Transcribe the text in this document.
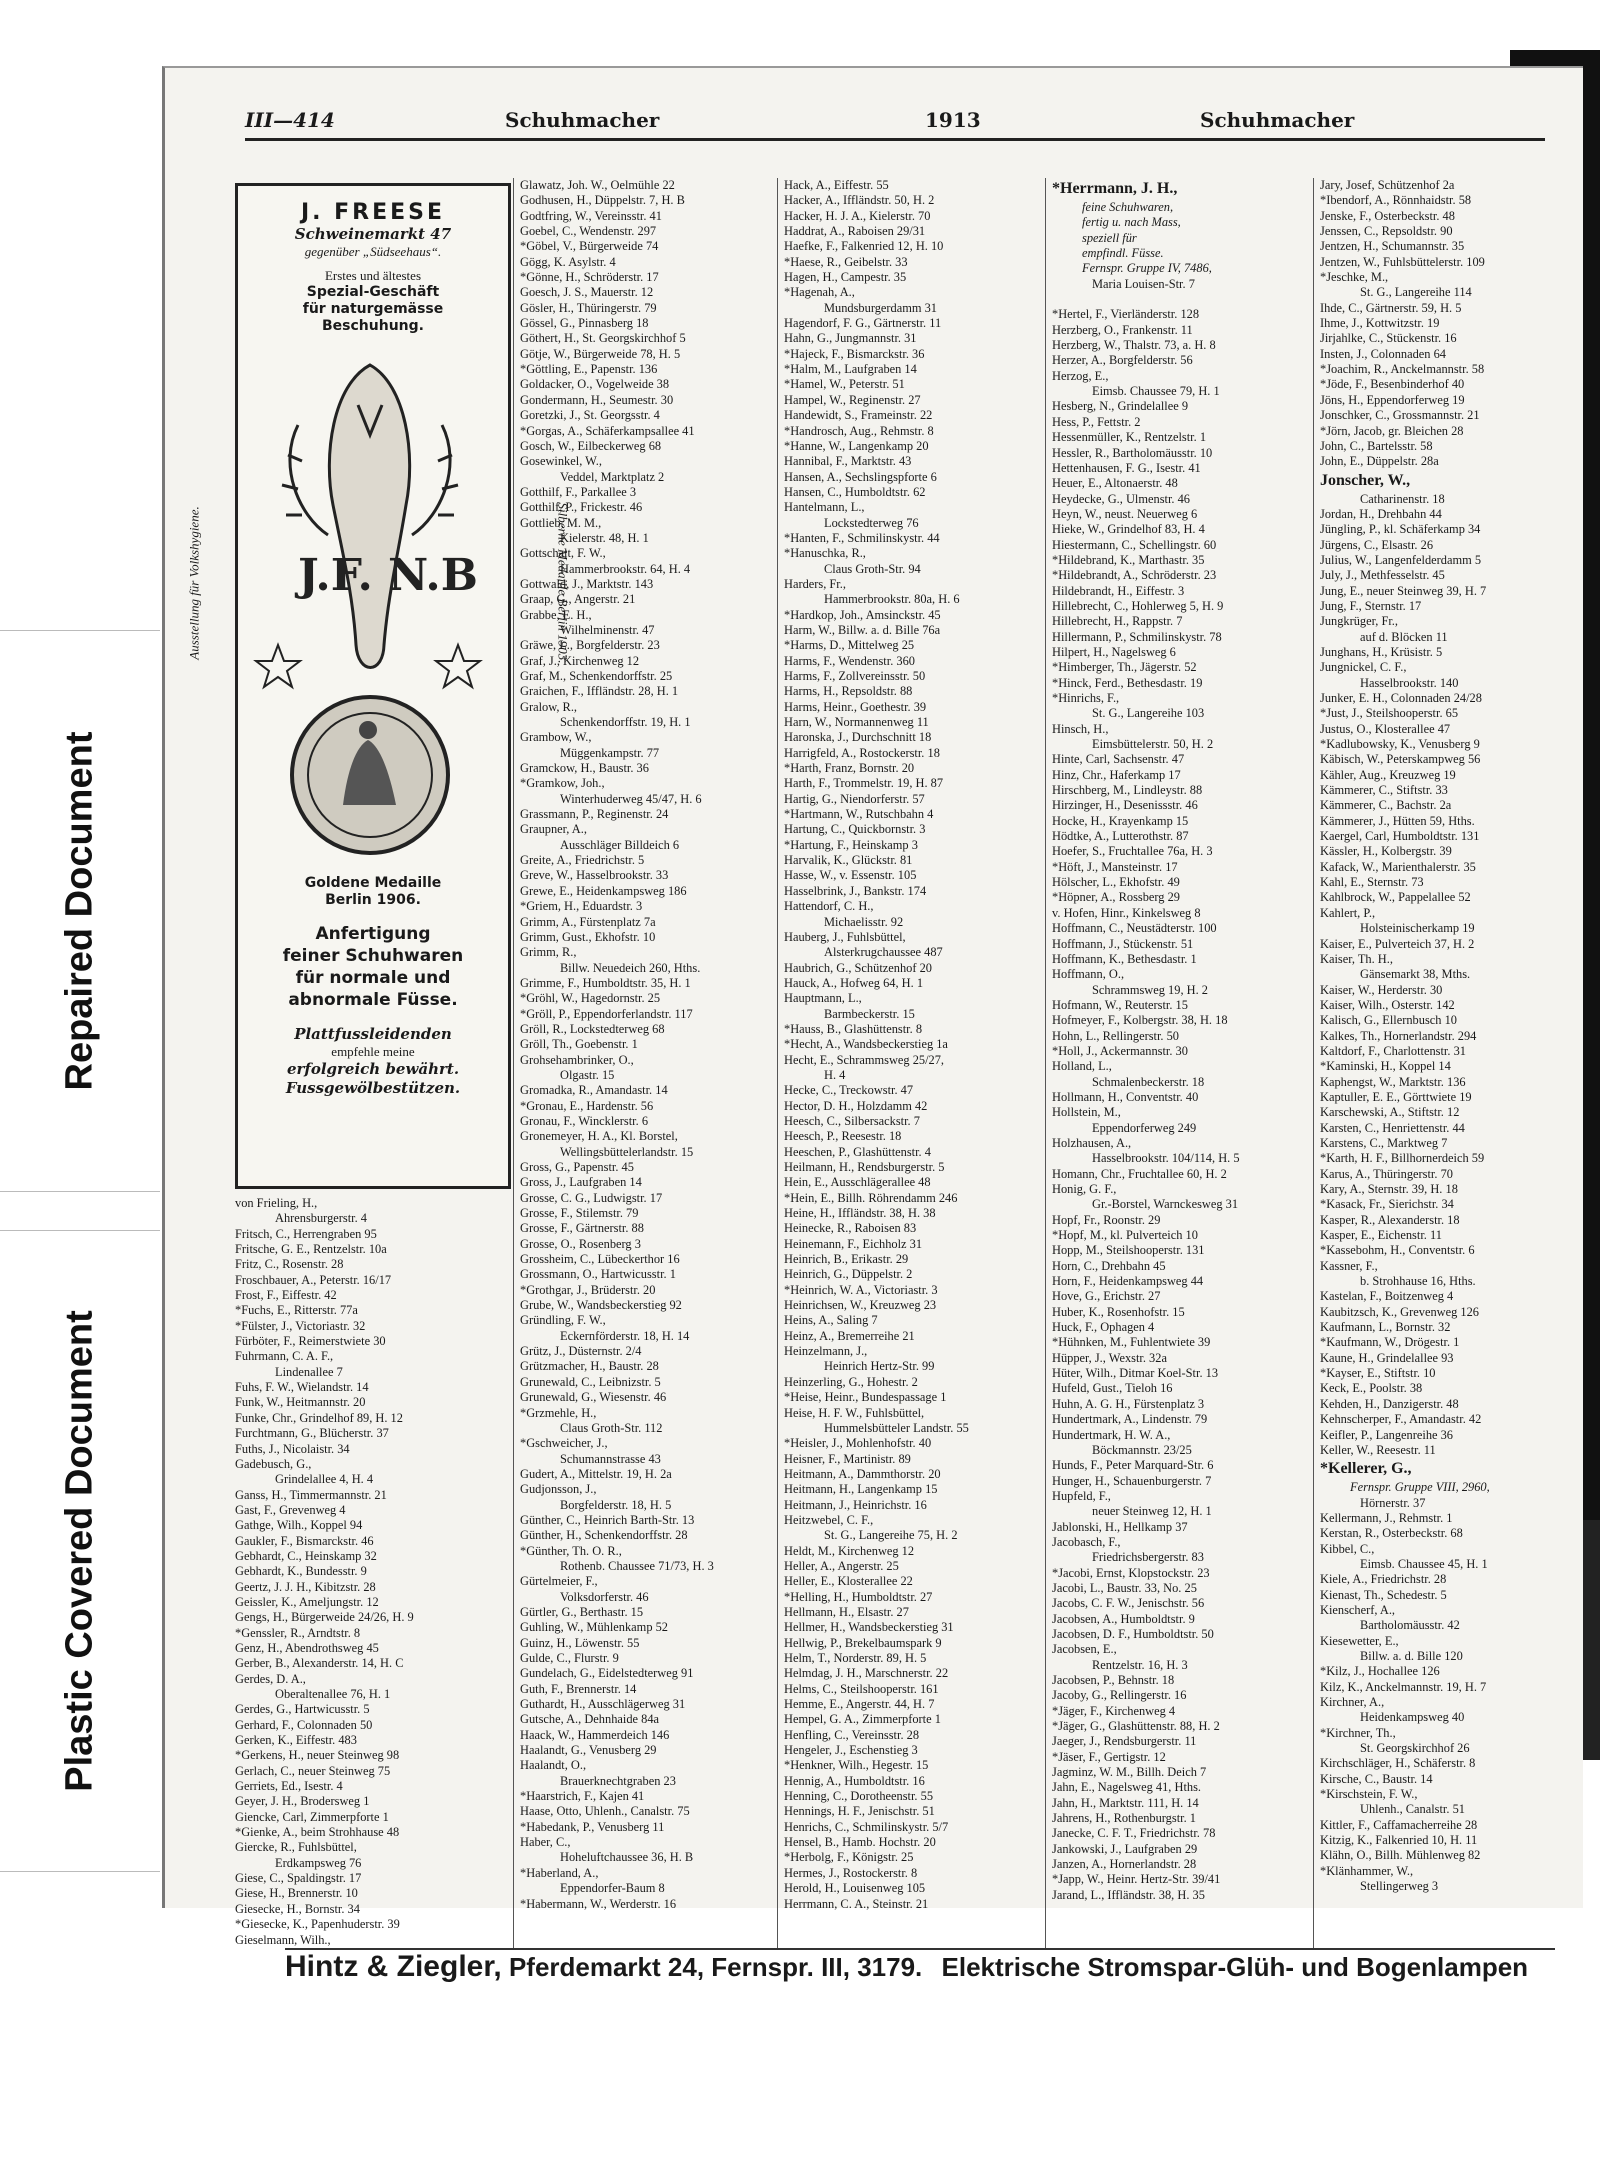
Repaired Document
Plastic Covered Document
III—414	Schuhmacher	1913	Schuhmacher
J. FREESE
Schweinemarkt 47
gegenüber „Südseehaus“.
Erstes und ältestes
Spezial-Geschäft
für naturgemässe
Beschuhung.
Ausstellung für Volkshygiene.	Silberne Medaille Berlin 1903.
J.F. N.B
Goldene Medaille
Berlin 1906.
Anfertigung
feiner Schuhwaren
für normale und
abnormale Füsse.
Plattfussleidenden
empfehle meine
erfolgreich bewährt.
Fussgewölbestützen.
von Frieling, H.,
Ahrensburgerstr. 4
Fritsch, C., Herrengraben 95
Fritsche, G. E., Rentzelstr. 10a
Fritz, C., Rosenstr. 28
Froschbauer, A., Peterstr. 16/17
Frost, F., Eiffestr. 42
*Fuchs, E., Ritterstr. 77a
*Fülster, J., Victoriastr. 32
Fürböter, F., Reimerstwiete 30
Fuhrmann, C. A. F.,
Lindenallee 7
Fuhs, F. W., Wielandstr. 14
Funk, W., Heitmannstr. 20
Funke, Chr., Grindelhof 89, H. 12
Furchtmann, G., Blücherstr. 37
Fuths, J., Nicolaistr. 34
Gadebusch, G.,
Grindelallee 4, H. 4
Ganss, H., Timmermannstr. 21
Gast, F., Grevenweg 4
Gathge, Wilh., Koppel 94
Gaukler, F., Bismarckstr. 46
Gebhardt, C., Heinskamp 32
Gebhardt, K., Bundesstr. 9
Geertz, J. J. H., Kibitzstr. 28
Geissler, K., Ameljungstr. 12
Gengs, H., Bürgerweide 24/26, H. 9
*Genssler, R., Arndtstr. 8
Genz, H., Abendrothsweg 45
Gerber, B., Alexanderstr. 14, H. C
Gerdes, D. A.,
Oberaltenallee 76, H. 1
Gerdes, G., Hartwicusstr. 5
Gerhard, F., Colonnaden 50
Gerken, K., Eiffestr. 483
*Gerkens, H., neuer Steinweg 98
Gerlach, C., neuer Steinweg 75
Gerriets, Ed., Isestr. 4
Geyer, J. H., Brodersweg 1
Giencke, Carl, Zimmerpforte 1
*Gienke, A., beim Strohhause 48
Giercke, R., Fuhlsbüttel,
Erdkampsweg 76
Giese, C., Spaldingstr. 17
Giese, H., Brennerstr. 10
Giesecke, H., Bornstr. 34
*Giesecke, K., Papenhuderstr. 39
Gieselmann, Wilh.,
Glawatz, Joh. W., Oelmühle 22
Godhusen, H., Düppelstr. 7, H. B
Godtfring, W., Vereinsstr. 41
Goebel, C., Wendenstr. 297
*Göbel, V., Bürgerweide 74
Gögg, K. Asylstr. 4
*Gönne, H., Schröderstr. 17
Goesch, J. S., Mauerstr. 12
Gösler, H., Thüringerstr. 79
Gössel, G., Pinnasberg 18
Göthert, H., St. Georgskirchhof 5
Götje, W., Bürgerweide 78, H. 5
*Göttling, E., Papenstr. 136
Goldacker, O., Vogelweide 38
Gondermann, H., Seumestr. 30
Goretzki, J., St. Georgsstr. 4
*Gorgas, A., Schäferkampsallee 41
Gosch, W., Eilbeckerweg 68
Gosewinkel, W.,
Veddel, Marktplatz 2
Gotthilf, F., Parkallee 3
Gotthilf, P., Frickestr. 46
Gottlieb, M. M.,
Kielerstr. 48, H. 1
Gottschalt, F. W.,
Hammerbrookstr. 64, H. 4
Gottwald, J., Marktstr. 143
Graap, G., Angerstr. 21
Grabbe, E. H.,
Wilhelminenstr. 47
Gräwe, L., Borgfelderstr. 23
Graf, J., Kirchenweg 12
Graf, M., Schenkendorffstr. 25
Graichen, F., Iffländstr. 28, H. 1
Gralow, R.,
Schenkendorffstr. 19, H. 1
Grambow, W.,
Müggenkampstr. 77
Gramckow, H., Baustr. 36
*Gramkow, Joh.,
Winterhuderweg 45/47, H. 6
Grassmann, P., Reginenstr. 24
Graupner, A.,
Ausschläger Billdeich 6
Greite, A., Friedrichstr. 5
Greve, W., Hasselbrookstr. 33
Grewe, E., Heidenkampsweg 186
*Griem, H., Eduardstr. 3
Grimm, A., Fürstenplatz 7a
Grimm, Gust., Ekhofstr. 10
Grimm, R.,
Billw. Neuedeich 260, Hths.
Grimme, F., Humboldtstr. 35, H. 1
*Gröhl, W., Hagedornstr. 25
*Gröll, P., Eppendorferlandstr. 117
Gröll, R., Lockstedterweg 68
Gröll, Th., Goebenstr. 1
Grohsehambrinker, O.,
Olgastr. 15
Gromadka, R., Amandastr. 14
*Gronau, E., Hardenstr. 56
Gronau, F., Wincklerstr. 6
Gronemeyer, H. A., Kl. Borstel,
Wellingsbüttelerlandstr. 15
Gross, G., Papenstr. 45
Gross, J., Laufgraben 14
Grosse, C. G., Ludwigstr. 17
Grosse, F., Stilemstr. 79
Grosse, F., Gärtnerstr. 88
Grosse, O., Rosenberg 3
Grossheim, C., Lübeckerthor 16
Grossmann, O., Hartwicusstr. 1
*Grothgar, J., Brüderstr. 20
Grube, W., Wandsbeckerstieg 92
Gründling, F. W.,
Eckernförderstr. 18, H. 14
Grütz, J., Düsternstr. 2/4
Grützmacher, H., Baustr. 28
Grunewald, C., Leibnizstr. 5
Grunewald, G., Wiesenstr. 46
*Grzmehle, H.,
Claus Groth-Str. 112
*Gschweicher, J.,
Schumannstrasse 43
Gudert, A., Mittelstr. 19, H. 2a
Gudjonsson, J.,
Borgfelderstr. 18, H. 5
Günther, C., Heinrich Barth-Str. 13
Günther, H., Schenkendorffstr. 28
*Günther, Th. O. R.,
Rothenb. Chaussee 71/73, H. 3
Gürtelmeier, F.,
Volksdorferstr. 46
Gürtler, G., Berthastr. 15
Guhling, W., Mühlenkamp 52
Guinz, H., Löwenstr. 55
Gulde, C., Flurstr. 9
Gundelach, G., Eidelstedterweg 91
Guth, F., Brennerstr. 14
Guthardt, H., Ausschlägerweg 31
Gutsche, A., Dehnhaide 84a
Haack, W., Hammerdeich 146
Haalandt, G., Venusberg 29
Haalandt, O.,
Brauerknechtgraben 23
*Haarstrich, F., Kajen 41
Haase, Otto, Uhlenh., Canalstr. 75
*Habedank, P., Venusberg 11
Haber, C.,
Hoheluftchaussee 36, H. B
*Haberland, A.,
Eppendorfer-Baum 8
*Habermann, W., Werderstr. 16
Hack, A., Eiffestr. 55
Hacker, A., Iffländstr. 50, H. 2
Hacker, H. J. A., Kielerstr. 70
Haddrat, A., Raboisen 29/31
Haefke, F., Falkenried 12, H. 10
*Haese, R., Geibelstr. 33
Hagen, H., Campestr. 35
*Hagenah, A.,
Mundsburgerdamm 31
Hagendorf, F. G., Gärtnerstr. 11
Hahn, G., Jungmannstr. 31
*Hajeck, F., Bismarckstr. 36
*Halm, M., Laufgraben 14
*Hamel, W., Peterstr. 51
Hampel, W., Reginenstr. 27
Handewidt, S., Frameinstr. 22
*Handrosch, Aug., Rehmstr. 8
*Hanne, W., Langenkamp 20
Hannibal, F., Marktstr. 43
Hansen, A., Sechslingspforte 6
Hansen, C., Humboldtstr. 62
Hantelmann, L.,
Lockstedterweg 76
*Hanten, F., Schmilinskystr. 44
*Hanuschka, R.,
Claus Groth-Str. 94
Harders, Fr.,
Hammerbrookstr. 80a, H. 6
*Hardkop, Joh., Amsinckstr. 45
Harm, W., Billw. a. d. Bille 76a
*Harms, D., Mittelweg 25
Harms, F., Wendenstr. 360
Harms, F., Zollvereinsstr. 50
Harms, H., Repsoldstr. 88
Harms, Heinr., Goethestr. 39
Harn, W., Normannenweg 11
Haronska, J., Durchschnitt 18
Harrigfeld, A., Rostockerstr. 18
*Harth, Franz, Bornstr. 20
Harth, F., Trommelstr. 19, H. 87
Hartig, G., Niendorferstr. 57
*Hartmann, W., Rutschbahn 4
Hartung, C., Quickbornstr. 3
*Hartung, F., Heinskamp 3
Harvalik, K., Glückstr. 81
Hasse, W., v. Essenstr. 105
Hasselbrink, J., Bankstr. 174
Hattendorf, C. H.,
Michaelisstr. 92
Hauberg, J., Fuhlsbüttel,
Alsterkrugchaussee 487
Haubrich, G., Schützenhof 20
Hauck, A., Hofweg 64, H. 1
Hauptmann, L.,
Barmbeckerstr. 15
*Hauss, B., Glashüttenstr. 8
*Hecht, A., Wandsbeckerstieg 1a
Hecht, E., Schrammsweg 25/27,
H. 4
Hecke, C., Treckowstr. 47
Hector, D. H., Holzdamm 42
Heesch, C., Silbersackstr. 7
Heesch, P., Reesestr. 18
Heeschen, P., Glashüttenstr. 4
Heilmann, H., Rendsburgerstr. 5
Hein, E., Ausschlägerallee 48
*Hein, E., Billh. Röhrendamm 246
Heine, H., Iffländstr. 38, H. 38
Heinecke, R., Raboisen 83
Heinemann, F., Eichholz 31
Heinrich, B., Erikastr. 29
Heinrich, G., Düppelstr. 2
*Heinrich, W. A., Victoriastr. 3
Heinrichsen, W., Kreuzweg 23
Heins, A., Saling 7
Heinz, A., Bremerreihe 21
Heinzelmann, J.,
Heinrich Hertz-Str. 99
Heinzerling, G., Hohestr. 2
*Heise, Heinr., Bundespassage 1
Heise, H. F. W., Fuhlsbüttel,
Hummelsbütteler Landstr. 55
*Heisler, J., Mohlenhofstr. 40
Heisner, F., Martinistr. 89
Heitmann, A., Dammthorstr. 20
Heitmann, H., Langenkamp 15
Heitmann, J., Heinrichstr. 16
Heitzwebel, C. F.,
St. G., Langereihe 75, H. 2
Heldt, M., Kirchenweg 12
Heller, A., Angerstr. 25
Heller, E., Klosterallee 22
*Helling, H., Humboldtstr. 27
Hellmann, H., Elsastr. 27
Hellmer, H., Wandsbeckerstieg 31
Hellwig, P., Brekelbaumspark 9
Helm, T., Norderstr. 89, H. 5
Helmdag, J. H., Marschnerstr. 22
Helms, C., Steilshooperstr. 161
Hemme, E., Angerstr. 44, H. 7
Hempel, G. A., Zimmerpforte 1
Henfling, C., Vereinsstr. 28
Hengeler, J., Eschenstieg 3
*Henkner, Wilh., Hegestr. 15
Hennig, A., Humboldtstr. 16
Henning, C., Dorotheenstr. 55
Hennings, H. F., Jenischstr. 51
Henrichs, C., Schmilinskystr. 5/7
Hensel, B., Hamb. Hochstr. 20
*Herbolg, F., Königstr. 25
Hermes, J., Rostockerstr. 8
Herold, H., Louisenweg 105
Herrmann, C. A., Steinstr. 21
*Herrmann, J. H.,
feine Schuhwaren,
fertig u. nach Mass,
speziell für
empfindl. Füsse.
Fernspr. Gruppe IV, 7486,
Maria Louisen-Str. 7

*Hertel, F., Vierländerstr. 128
Herzberg, O., Frankenstr. 11
Herzberg, W., Thalstr. 73, a. H. 8
Herzer, A., Borgfelderstr. 56
Herzog, E.,
Eimsb. Chaussee 79, H. 1
Hesberg, N., Grindelallee 9
Hess, P., Fettstr. 2
Hessenmüller, K., Rentzelstr. 1
Hessler, R., Bartholomäusstr. 10
Hettenhausen, F. G., Isestr. 41
Heuer, E., Altonaerstr. 48
Heydecke, G., Ulmenstr. 46
Heyn, W., neust. Neuerweg 6
Hieke, W., Grindelhof 83, H. 4
Hiestermann, C., Schellingstr. 60
*Hildebrand, K., Marthastr. 35
*Hildebrandt, A., Schröderstr. 23
Hildebrandt, H., Eiffestr. 3
Hillebrecht, C., Hohlerweg 5, H. 9
Hillebrecht, H., Rappstr. 7
Hillermann, P., Schmilinskystr. 78
Hilpert, H., Nagelsweg 6
*Himberger, Th., Jägerstr. 52
*Hinck, Ferd., Bethesdastr. 19
*Hinrichs, F.,
St. G., Langereihe 103
Hinsch, H.,
Eimsbüttelerstr. 50, H. 2
Hinte, Carl, Sachsenstr. 47
Hinz, Chr., Haferkamp 17
Hirschberg, M., Lindleystr. 88
Hirzinger, H., Desenissstr. 46
Hocke, H., Krayenkamp 15
Hödtke, A., Lutterothstr. 87
Hoefer, S., Fruchtallee 76a, H. 3
*Höft, J., Mansteinstr. 17
Hölscher, L., Ekhofstr. 49
*Höpner, A., Rossberg 29
v. Hofen, Hinr., Kinkelsweg 8
Hoffmann, C., Neustädterstr. 100
Hoffmann, J., Stückenstr. 51
Hoffmann, K., Bethesdastr. 1
Hoffmann, O.,
Schrammsweg 19, H. 2
Hofmann, W., Reuterstr. 15
Hofmeyer, F., Kolbergstr. 38, H. 18
Hohn, L., Rellingerstr. 50
*Holl, J., Ackermannstr. 30
Holland, L.,
Schmalenbeckerstr. 18
Hollmann, H., Conventstr. 40
Hollstein, M.,
Eppendorferweg 249
Holzhausen, A.,
Hasselbrookstr. 104/114, H. 5
Homann, Chr., Fruchtallee 60, H. 2
Honig, G. F.,
Gr.-Borstel, Warnckesweg 31
Hopf, Fr., Roonstr. 29
*Hopf, M., kl. Pulverteich 10
Hopp, M., Steilshooperstr. 131
Horn, C., Drehbahn 45
Horn, F., Heidenkampsweg 44
Hove, G., Erichstr. 27
Huber, K., Rosenhofstr. 15
Huck, F., Ophagen 4
*Hühnken, M., Fuhlentwiete 39
Hüpper, J., Wexstr. 32a
Hüter, Wilh., Ditmar Koel-Str. 13
Hufeld, Gust., Tieloh 16
Huhn, A. G. H., Fürstenplatz 3
Hundertmark, A., Lindenstr. 79
Hundertmark, H. W. A.,
Böckmannstr. 23/25
Hunds, F., Peter Marquard-Str. 6
Hunger, H., Schauenburgerstr. 7
Hupfeld, F.,
neuer Steinweg 12, H. 1
Jablonski, H., Hellkamp 37
Jacobasch, F.,
Friedrichsbergerstr. 83
*Jacobi, Ernst, Klopstockstr. 23
Jacobi, L., Baustr. 33, No. 25
Jacobs, C. F. W., Jenischstr. 56
Jacobsen, A., Humboldtstr. 9
Jacobsen, D. F., Humboldtstr. 50
Jacobsen, E.,
Rentzelstr. 16, H. 3
Jacobsen, P., Behnstr. 18
Jacoby, G., Rellingerstr. 16
*Jäger, F., Kirchenweg 4
*Jäger, G., Glashüttenstr. 88, H. 2
Jaeger, J., Rendsburgerstr. 11
*Jäser, F., Gertigstr. 12
Jagminz, W. M., Billh. Deich 7
Jahn, E., Nagelsweg 41, Hths.
Jahn, H., Marktstr. 111, H. 14
Jahrens, H., Rothenburgstr. 1
Janecke, C. F. T., Friedrichstr. 78
Jankowski, J., Laufgraben 29
Janzen, A., Hornerlandstr. 28
*Japp, W., Heinr. Hertz-Str. 39/41
Jarand, L., Iffländstr. 38, H. 35
Jary, Josef, Schützenhof 2a
*Ibendorf, A., Rönnhaidstr. 58
Jenske, F., Osterbeckstr. 48
Jenssen, C., Repsoldstr. 90
Jentzen, H., Schumannstr. 35
Jentzen, W., Fuhlsbüttelerstr. 109
*Jeschke, M.,
St. G., Langereihe 114
Ihde, C., Gärtnerstr. 59, H. 5
Ihme, J., Kottwitzstr. 19
Jirjahlke, C., Stückenstr. 16
Insten, J., Colonnaden 64
*Joachim, R., Anckelmannstr. 58
*Jöde, F., Besenbinderhof 40
Jöns, H., Eppendorferweg 19
Jonschker, C., Grossmannstr. 21
*Jörn, Jacob, gr. Bleichen 28
John, C., Bartelsstr. 58
John, E., Düppelstr. 28a
Jonscher, W.,
Catharinenstr. 18
Jordan, H., Drehbahn 44
Jüngling, P., kl. Schäferkamp 34
Jürgens, C., Elsastr. 26
Julius, W., Langenfelderdamm 5
July, J., Methfesselstr. 45
Jung, E., neuer Steinweg 39, H. 7
Jung, F., Sternstr. 17
Jungkrüger, Fr.,
auf d. Blöcken 11
Junghans, H., Krüsistr. 5
Jungnickel, C. F.,
Hasselbrookstr. 140
Junker, E. H., Colonnaden 24/28
*Just, J., Steilshooperstr. 65
Justus, O., Klosterallee 47
*Kadlubowsky, K., Venusberg 9
Käbisch, W., Peterskampweg 56
Kähler, Aug., Kreuzweg 19
Kämmerer, C., Stiftstr. 33
Kämmerer, C., Bachstr. 2a
Kämmerer, J., Hütten 59, Hths.
Kaergel, Carl, Humboldtstr. 131
Kässler, H., Kolbergstr. 39
Kafack, W., Marienthalerstr. 35
Kahl, E., Sternstr. 73
Kahlbrock, W., Pappelallee 52
Kahlert, P.,
Holsteinischerkamp 19
Kaiser, E., Pulverteich 37, H. 2
Kaiser, Th. H.,
Gänsemarkt 38, Mths.
Kaiser, W., Herderstr. 30
Kaiser, Wilh., Osterstr. 142
Kalisch, G., Ellernbusch 10
Kalkes, Th., Hornerlandstr. 294
Kaltdorf, F., Charlottenstr. 31
*Kaminski, H., Koppel 14
Kaphengst, W., Marktstr. 136
Kaptuller, E. E., Görttwiete 19
Karschewski, A., Stiftstr. 12
Karsten, C., Henriettenstr. 44
Karstens, C., Marktweg 7
*Karth, H. F., Billhornerdeich 59
Karus, A., Thüringerstr. 70
Kary, A., Sternstr. 39, H. 18
*Kasack, Fr., Sierichstr. 34
Kasper, R., Alexanderstr. 18
Kasper, E., Eichenstr. 11
*Kassebohm, H., Conventstr. 6
Kassner, F.,
b. Strohhause 16, Hths.
Kastelan, F., Boitzenweg 4
Kaubitzsch, K., Grevenweg 126
Kaufmann, L., Bornstr. 32
*Kaufmann, W., Drögestr. 1
Kaune, H., Grindelallee 93
*Kayser, E., Stiftstr. 10
Keck, E., Poolstr. 38
Kehden, H., Danzigerstr. 48
Kehnscherper, F., Amandastr. 42
Keifler, P., Langenreihe 36
Keller, W., Reesestr. 11
*Kellerer, G.,
Fernspr. Gruppe VIII, 2960,
Hörnerstr. 37
Kellermann, J., Rehmstr. 1
Kerstan, R., Osterbeckstr. 68
Kibbel, C.,
Eimsb. Chaussee 45, H. 1
Kiele, A., Friedrichstr. 28
Kienast, Th., Schedestr. 5
Kienscherf, A.,
Bartholomäusstr. 42
Kiesewetter, E.,
Billw. a. d. Bille 120
*Kilz, J., Hochallee 126
Kilz, K., Anckelmannstr. 19, H. 7
Kirchner, A.,
Heidenkampsweg 40
*Kirchner, Th.,
St. Georgskirchhof 26
Kirchschläger, H., Schäferstr. 8
Kirsche, C., Baustr. 14
*Kirschstein, F. W.,
Uhlenh., Canalstr. 51
Kittler, F., Caffamacherreihe 28
Kitzig, K., Falkenried 10, H. 11
Klähn, O., Billh. Mühlenweg 82
*Klänhammer, W.,
Stellingerweg 3
Hintz & Ziegler, Pferdemarkt 24, Fernspr. III, 3179. Elektrische Stromspar-Glüh- und Bogenlampen
